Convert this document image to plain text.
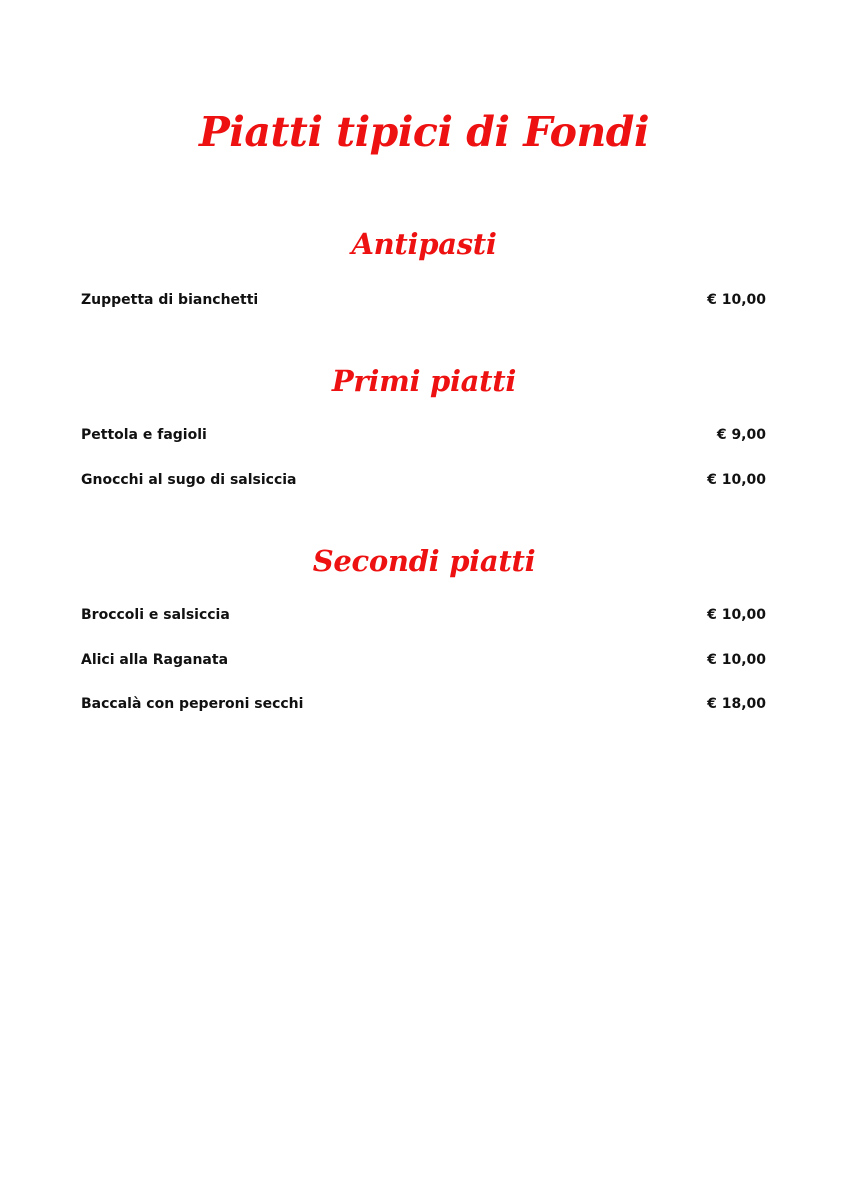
Piatti tipici di Fondi
Antipasti
Zuppetta di bianchetti	€ 10,00
Primi piatti
Pettola e fagioli	€ 9,00
Gnocchi al sugo di salsiccia	€ 10,00
Secondi piatti
Broccoli e salsiccia	€ 10,00
Alici alla Raganata	€ 10,00
Baccalà con peperoni secchi	€ 18,00
